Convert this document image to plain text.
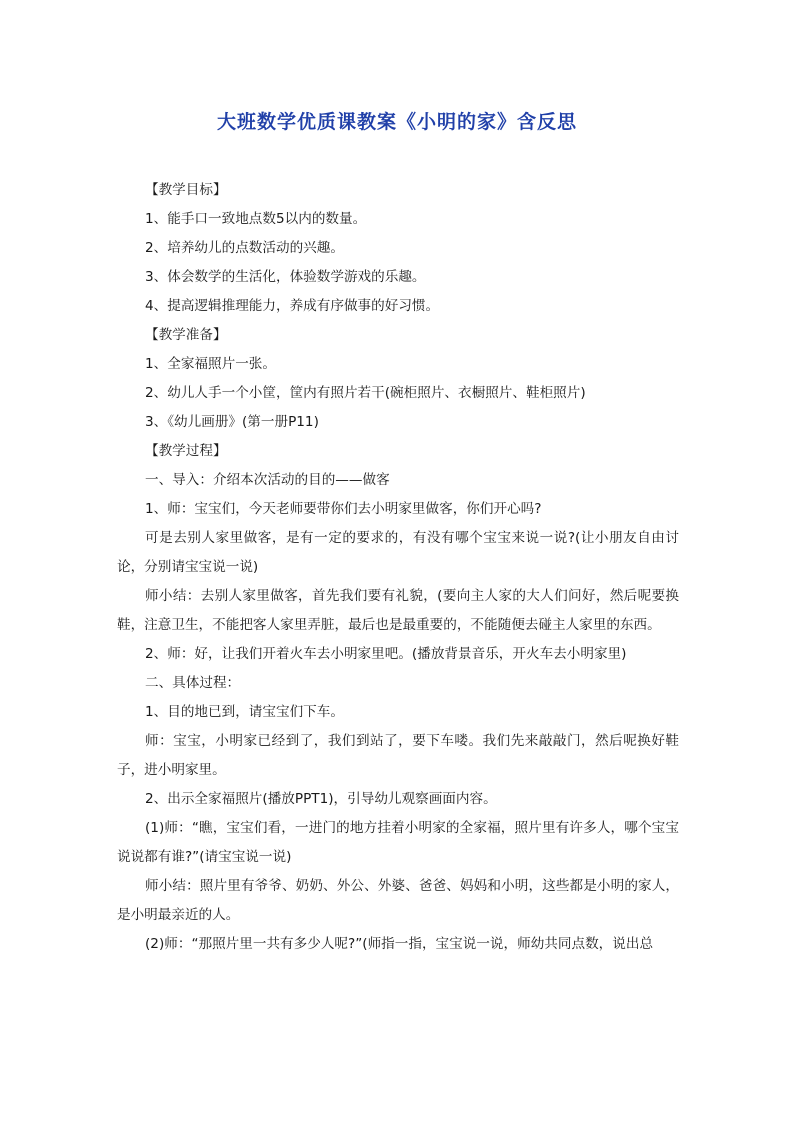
大班数学优质课教案《小明的家》含反思

【教学目标】

1、能手口一致地点数5以内的数量。

2、培养幼儿的点数活动的兴趣。

3、体会数学的生活化，体验数学游戏的乐趣。

4、提高逻辑推理能力，养成有序做事的好习惯。

【教学准备】

1、全家福照片一张。

2、幼儿人手一个小筐，筐内有照片若干(碗柜照片、衣橱照片、鞋柜照片)

3、《幼儿画册》(第一册P11)

【教学过程】

一、导入：介绍本次活动的目的——做客

1、师：宝宝们，今天老师要带你们去小明家里做客，你们开心吗?

可是去别人家里做客，是有一定的要求的，有没有哪个宝宝来说一说?(让小朋友自由讨论，分别请宝宝说一说)

师小结：去别人家里做客，首先我们要有礼貌，(要向主人家的大人们问好，然后呢要换鞋，注意卫生，不能把客人家里弄脏，最后也是最重要的，不能随便去碰主人家里的东西。

2、师：好，让我们开着火车去小明家里吧。(播放背景音乐，开火车去小明家里)

二、具体过程：

1、目的地已到，请宝宝们下车。

师：宝宝，小明家已经到了，我们到站了，要下车喽。我们先来敲敲门，然后呢换好鞋子，进小明家里。

2、出示全家福照片(播放PPT1)，引导幼儿观察画面内容。

(1)师：“瞧，宝宝们看，一进门的地方挂着小明家的全家福，照片里有许多人，哪个宝宝说说都有谁?”(请宝宝说一说)

师小结：照片里有爷爷、奶奶、外公、外婆、爸爸、妈妈和小明，这些都是小明的家人，是小明最亲近的人。

(2)师：“那照片里一共有多少人呢?”(师指一指，宝宝说一说，师幼共同点数，说出总
